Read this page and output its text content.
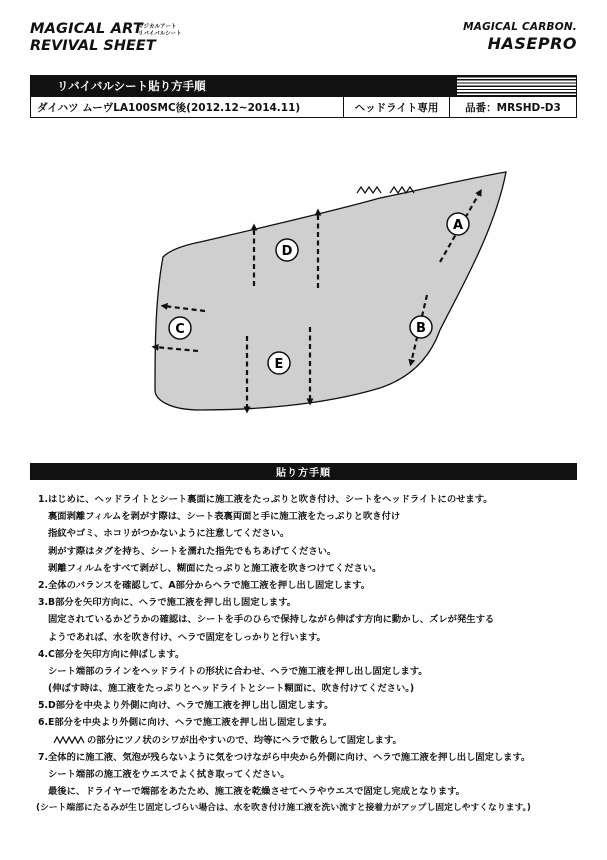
MAGICAL ART
REVIVAL SHEET
マジカルアート
リバイバルシート
MAGICAL CARBON.
HASEPRO
リバイバルシート貼り方手順
ダイハツ ムーヴLA100SMC後(2012.12~2014.11)	ヘッドライト専用	品番：MRSHD-D3
A
B
C
D
E
貼り方手順
1.はじめに、ヘッドライトとシート裏面に施工液をたっぷりと吹き付け、シートをヘッドライトにのせます。
裏面剥離フィルムを剥がす際は、シート表裏両面と手に施工液をたっぷりと吹き付け
指紋やゴミ、ホコリがつかないように注意してください。
剥がす際はタグを持ち、シートを濡れた指先でもちあげてください。
剥離フィルムをすべて剥がし、糊面にたっぷりと施工液を吹きつけてください。
2.全体のバランスを確認して、A部分からヘラで施工液を押し出し固定します。
3.B部分を矢印方向に、ヘラで施工液を押し出し固定します。
固定されているかどうかの確認は、シートを手のひらで保持しながら伸ばす方向に動かし、ズレが発生する
ようであれば、水を吹き付け、ヘラで固定をしっかりと行います。
4.C部分を矢印方向に伸ばします。
シート端部のラインをヘッドライトの形状に合わせ、ヘラで施工液を押し出し固定します。
(伸ばす時は、施工液をたっぷりとヘッドライトとシート糊面に、吹き付けてください。)
5.D部分を中央より外側に向け、ヘラで施工液を押し出し固定します。
6.E部分を中央より外側に向け、ヘラで施工液を押し出し固定します。
の部分にツノ状のシワが出やすいので、均等にヘラで散らして固定します。
7.全体的に施工液、気泡が残らないように気をつけながら中央から外側に向け、ヘラで施工液を押し出し固定します。
シート端部の施工液をウエスでよく拭き取ってください。
最後に、ドライヤーで端部をあたため、施工液を乾燥させてヘラやウエスで固定し完成となります。
(シート端部にたるみが生じ固定しづらい場合は、水を吹き付け施工液を洗い流すと接着力がアップし固定しやすくなります。)
